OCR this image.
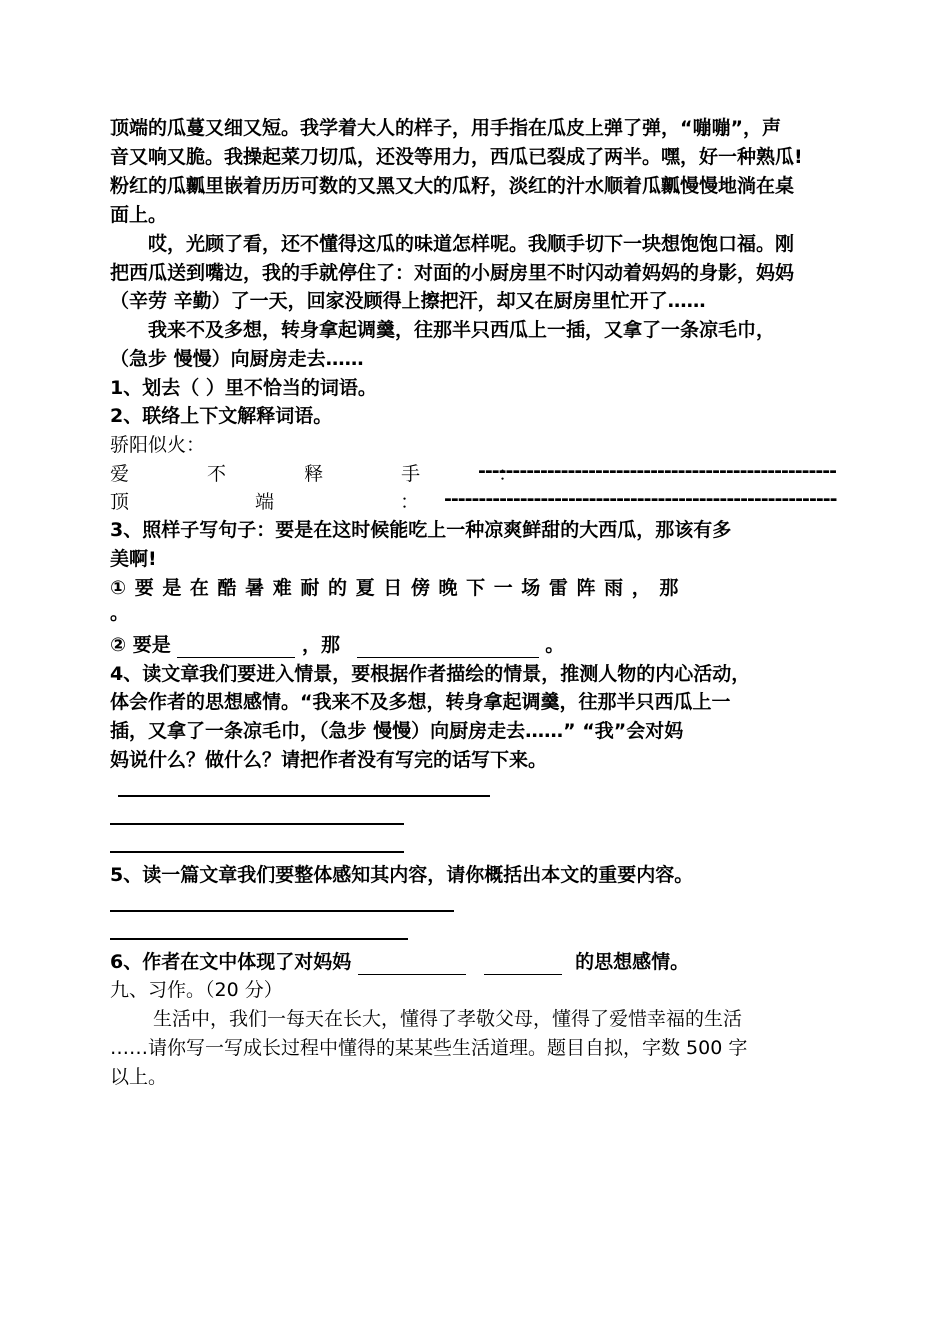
顶端的瓜蔓又细又短。我学着大人的样子，用手指在瓜皮上弹了弹，“嘣嘣”，声
音又响又脆。我操起菜刀切瓜，还没等用力，西瓜已裂成了两半。嘿，好一种熟瓜!
粉红的瓜瓤里嵌着历历可数的又黑又大的瓜籽，淡红的汁水顺着瓜瓤慢慢地淌在桌
面上。
哎，光顾了看，还不懂得这瓜的味道怎样呢。我顺手切下一块想饱饱口福。刚
把西瓜送到嘴边，我的手就停住了：对面的小厨房里不时闪动着妈妈的身影，妈妈
（辛劳 辛勤）了一天，回家没顾得上擦把汗，却又在厨房里忙开了……
我来不及多想，转身拿起调羹，往那半只西瓜上一插，又拿了一条凉毛巾，
（急步 慢慢）向厨房走去……
1、划去（ ）里不恰当的词语。
2、联络上下文解释词语。
骄阳似火：
爱 不 释 手 ：
----------------------------------------------------
顶 端 ：
---------------------------------------------------------
3、照样子写句子：要是在这时候能吃上一种凉爽鲜甜的大西瓜，那该有多
美啊!
① 要 是 在 酷 暑 难 耐 的 夏 日 傍 晚 下 一 场 雷 阵 雨 ， 那
。
② 要是	，那	。
4、读文章我们要进入情景，要根据作者描绘的情景，推测人物的内心活动，
体会作者的思想感情。“我来不及多想，转身拿起调羹，往那半只西瓜上一
插，又拿了一条凉毛巾，（急步 慢慢）向厨房走去……” “我”会对妈
妈说什么？做什么？请把作者没有写完的话写下来。
5、读一篇文章我们要整体感知其内容，请你概括出本文的重要内容。
6、作者在文中体现了对妈妈	的思想感情。
九、习作。（20 分）
生活中，我们一每天在长大，懂得了孝敬父母，懂得了爱惜幸福的生活
……请你写一写成长过程中懂得的某某些生活道理。题目自拟，字数 500 字
以上。
